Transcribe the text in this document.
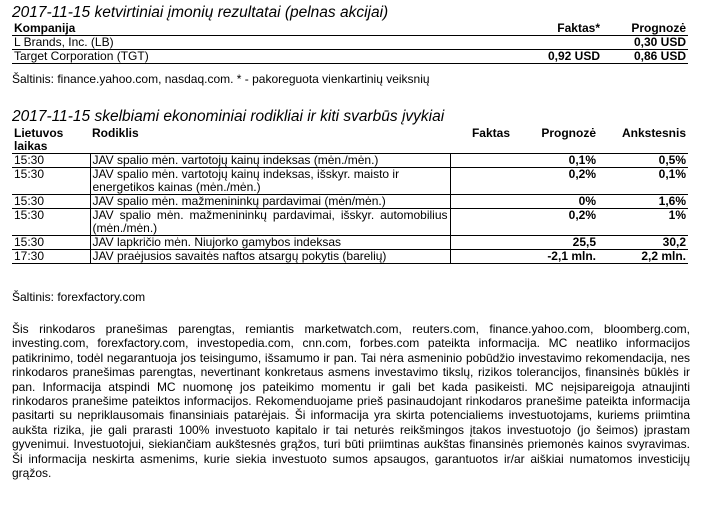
2017-11-15 ketvirtiniai įmonių rezultatai (pelnas akcijai)
Kompanija	Faktas*	Prognozė
L Brands, Inc. (LB)		0,30 USD
Target Corporation (TGT)	0,92 USD	0,86 USD
Šaltinis: finance.yahoo.com, nasdaq.com. * - pakoreguota vienkartinių veiksnių
2017-11-15 skelbiami ekonominiai rodikliai ir kiti svarbūs įvykiai
Lietuvos laikas	Rodiklis	Faktas	Prognozė	Ankstesnis
15:30	JAV spalio mėn. vartotojų kainų indeksas (mėn./mėn.)		0,1%	0,5%
15:30	JAV spalio mėn. vartotojų kainų indeksas, išskyr. maisto ir energetikos kainas (mėn./mėn.)		0,2%	0,1%
15:30	JAV spalio mėn. mažmenininkų pardavimai (mėn/mėn.)		0%	1,6%
15:30	JAV spalio mėn. mažmenininkų pardavimai, išskyr. automobilius (mėn./mėn.)		0,2%	1%
15:30	JAV lapkričio mėn. Niujorko gamybos indeksas		25,5	30,2
17:30	JAV praėjusios savaitės naftos atsargų pokytis (barelių)		-2,1 mln.	2,2 mln.
Šaltinis: forexfactory.com
Šis rinkodaros pranešimas parengtas, remiantis marketwatch.com, reuters.com, finance.yahoo.com, bloomberg.com, investing.com, forexfactory.com, investopedia.com, cnn.com, forbes.com pateikta informacija. MC neatliko informacijos patikrinimo, todėl negarantuoja jos teisingumo, išsamumo ir pan. Tai nėra asmeninio pobūdžio investavimo rekomendacija, nes rinkodaros pranešimas parengtas, nevertinant konkretaus asmens investavimo tikslų, rizikos tolerancijos, finansinės būklės ir pan. Informacija atspindi MC nuomonę jos pateikimo momentu ir gali bet kada pasikeisti. MC neįsipareigoja atnaujinti rinkodaros pranešime pateiktos informacijos. Rekomenduojame prieš pasinaudojant rinkodaros pranešime pateikta informacija pasitarti su nepriklausomais finansiniais patarėjais. Ši informacija yra skirta potencialiems investuotojams, kuriems priimtina aukšta rizika, jie gali prarasti 100% investuoto kapitalo ir tai neturės reikšmingos įtakos investuotojo (jo šeimos) įprastam gyvenimui. Investuotojui, siekiančiam aukštesnės grąžos, turi būti priimtinas aukštas finansinės priemonės kainos svyravimas. Ši informacija neskirta asmenims, kurie siekia investuoto sumos apsaugos, garantuotos ir/ar aiškiai numatomos investicijų grąžos.
